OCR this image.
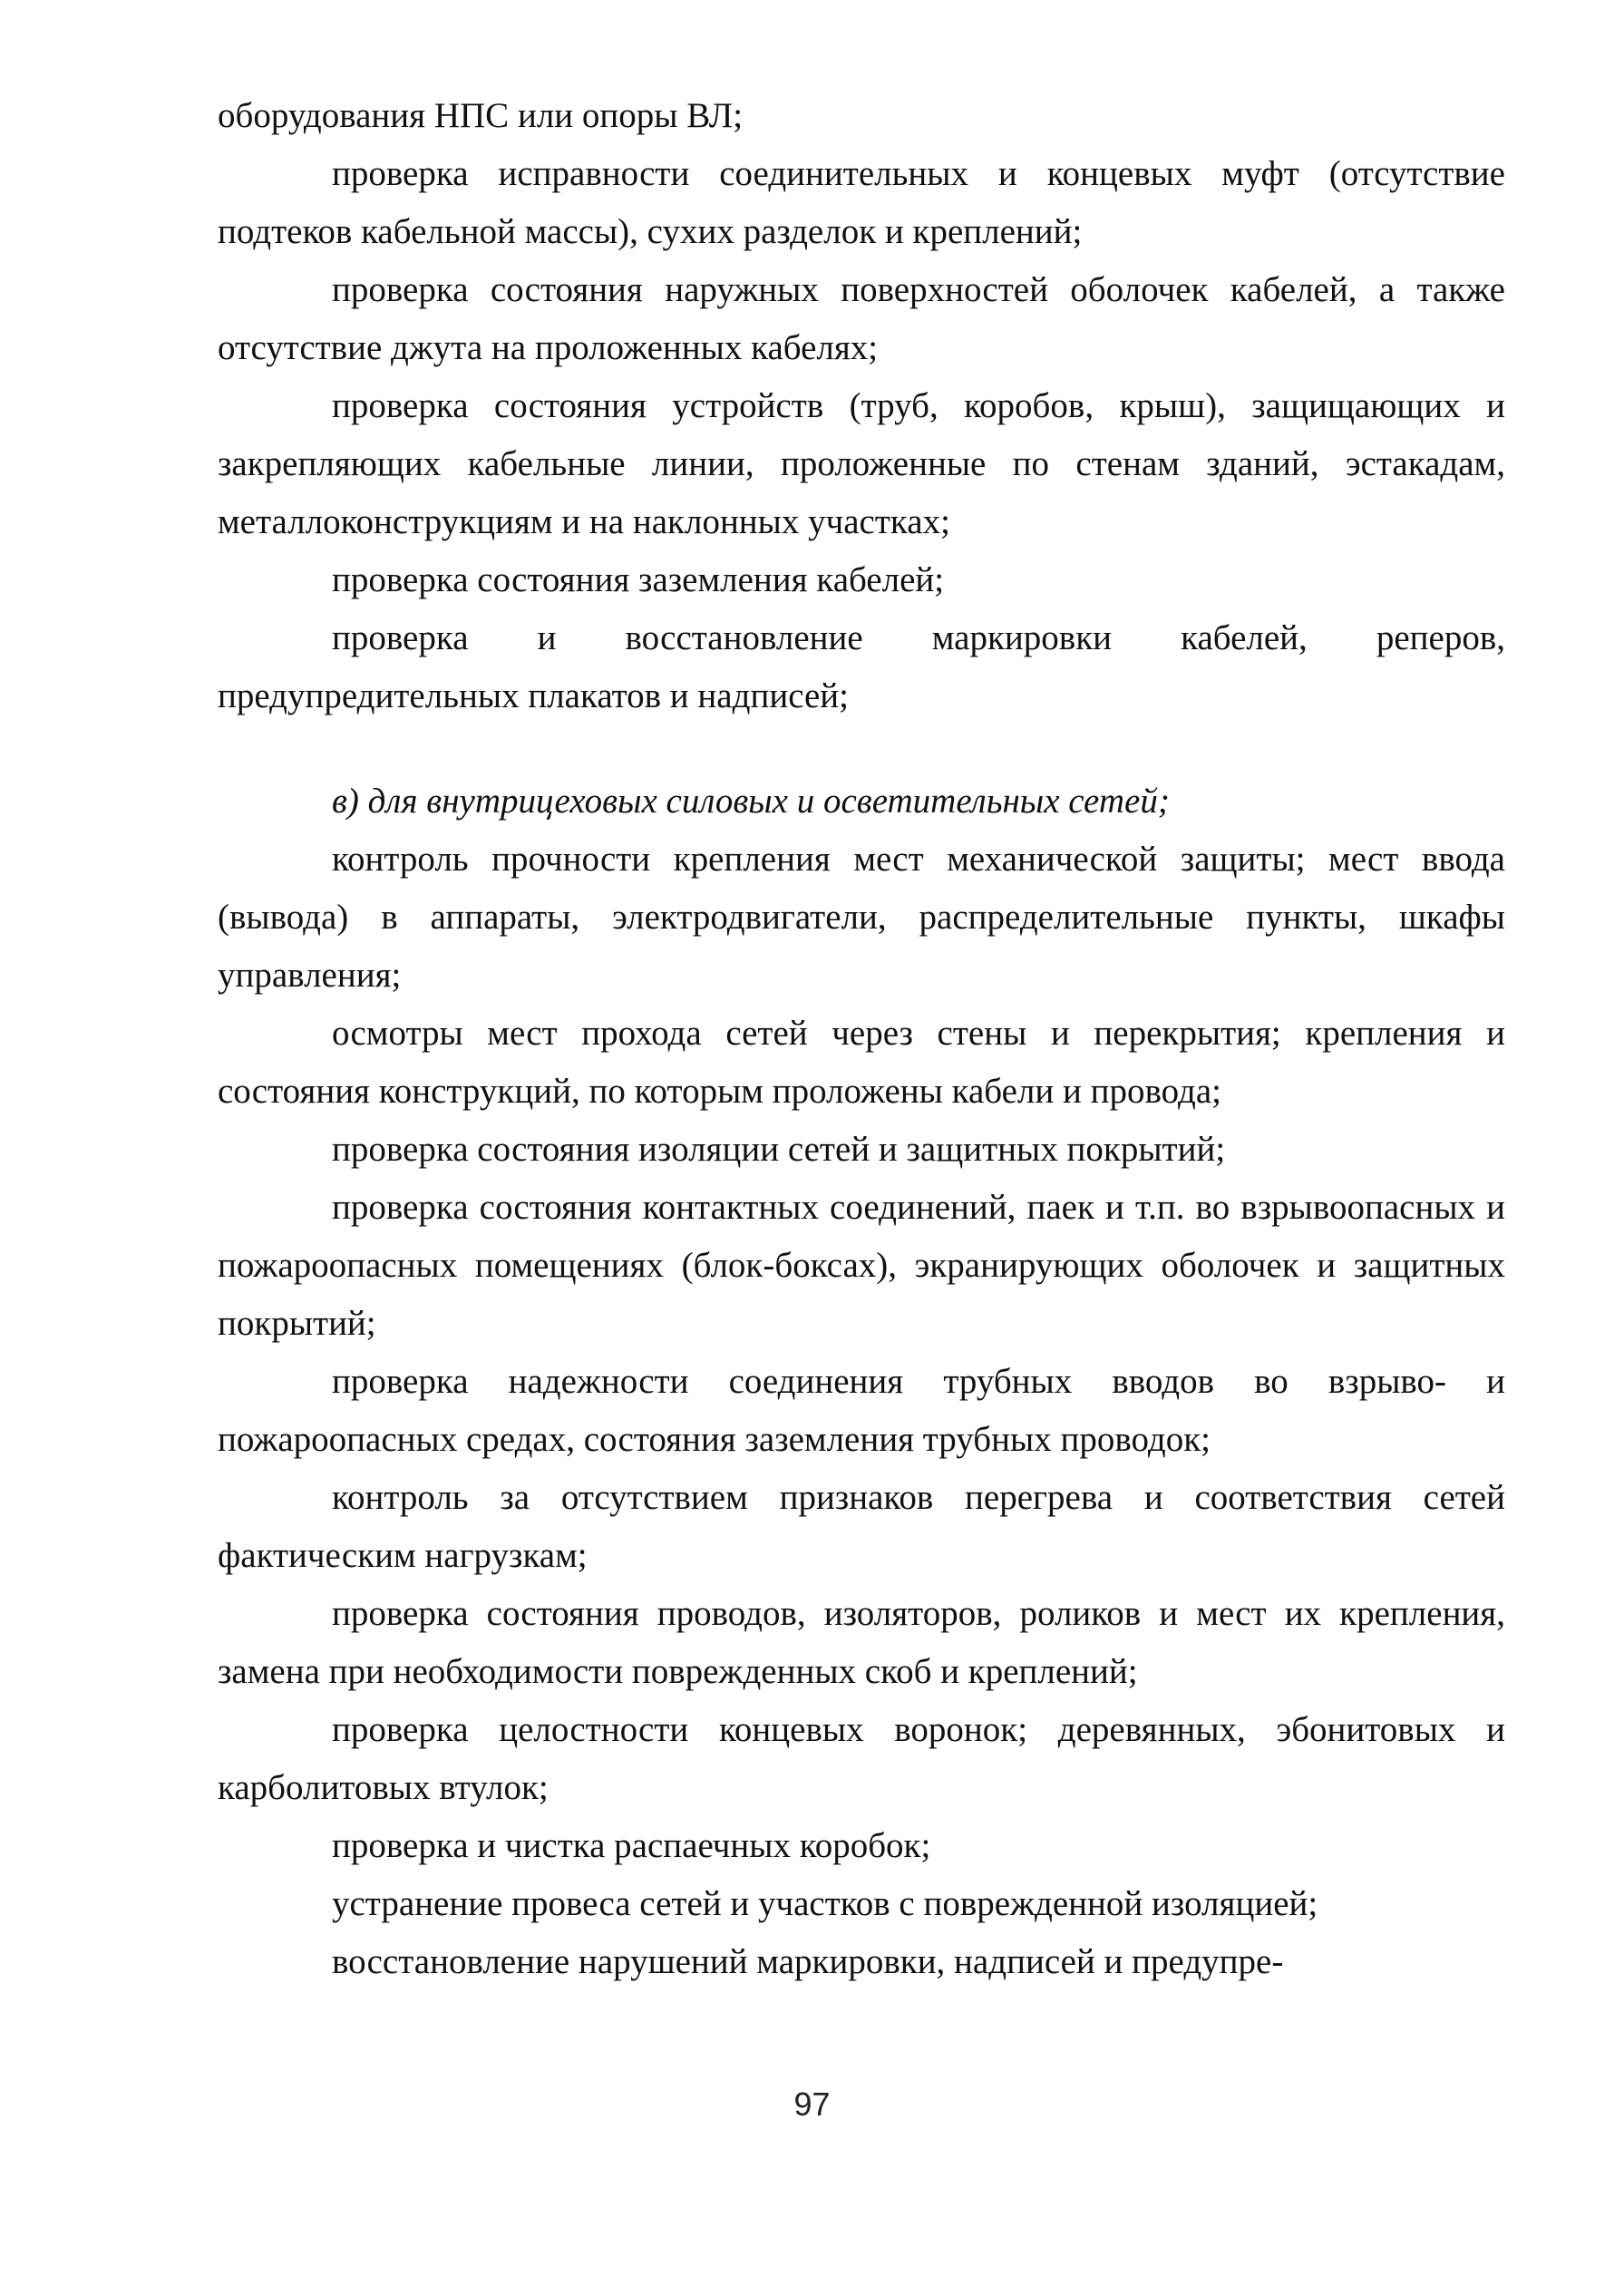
оборудования НПС или опоры ВЛ;

проверка исправности соединительных и концевых муфт (отсутствие подтеков кабельной массы), сухих разделок и креплений;

проверка состояния наружных поверхностей оболочек кабелей, а также отсутствие джута на проложенных кабелях;

проверка состояния устройств (труб, коробов, крыш), защищающих и закрепляющих кабельные линии, проложенные по стенам зданий, эстакадам, металлоконструкциям и на наклонных участках;

проверка состояния заземления кабелей;

проверка и восстановление маркировки кабелей, реперов, предупредительных плакатов и надписей;

в) для внутрицеховых силовых и осветительных сетей;

контроль прочности крепления мест механической защиты; мест ввода (вывода) в аппараты, электродвигатели, распределительные пункты, шкафы управления;

осмотры мест прохода сетей через стены и перекрытия; крепления и состояния конструкций, по которым проложены кабели и провода;

проверка состояния изоляции сетей и защитных покрытий;

проверка состояния контактных соединений, паек и т.п. во взрывоопасных и пожароопасных помещениях (блок-боксах), экранирующих оболочек и защитных покрытий;

проверка надежности соединения трубных вводов во взрыво- и пожароопасных средах, состояния заземления трубных проводок;

контроль за отсутствием признаков перегрева и соответствия сетей фактическим нагрузкам;

проверка состояния проводов, изоляторов, роликов и мест их крепления, замена при необходимости поврежденных скоб и креплений;

проверка целостности концевых воронок; деревянных, эбонитовых и карболитовых втулок;

проверка и чистка распаечных коробок;

устранение провеса сетей и участков с поврежденной изоляцией;

восстановление нарушений маркировки, надписей и предупре-

97
